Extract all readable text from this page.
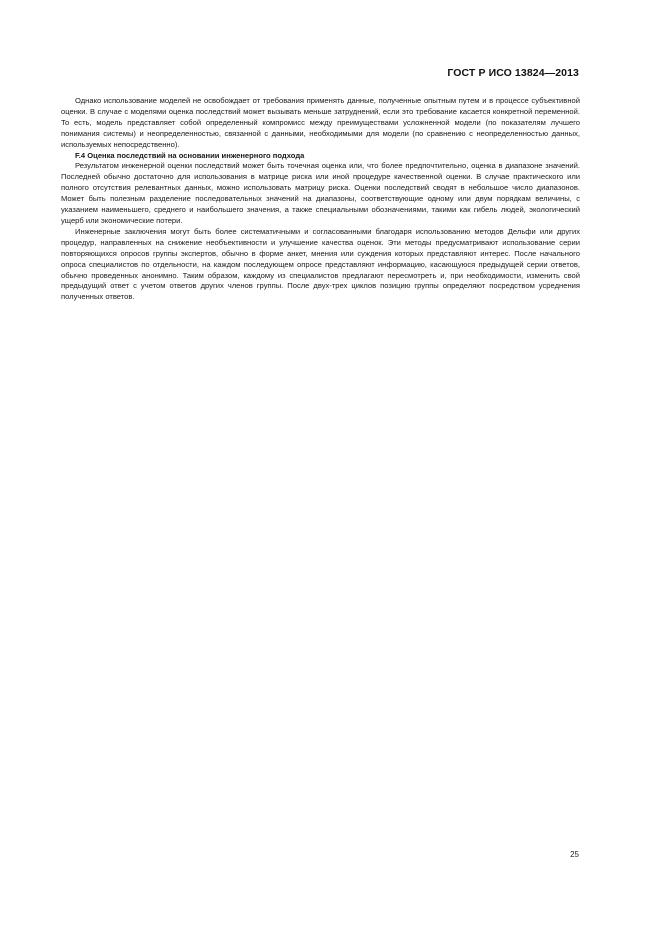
ГОСТ Р ИСО 13824—2013

Однако использование моделей не освобождает от требования применять данные, полученные опытным путем и в процессе субъективной оценки. В случае с моделями оценка последствий может вызывать меньше затруднений, если это требование касается конкретной переменной. То есть, модель представляет собой определенный компромисс между преимуществами усложненной модели (по показателям лучшего понимания системы) и неопределенностью, связанной с данными, необходимыми для модели (по сравнению с неопределенностью данных, используемых непосредственно).

F.4 Оценка последствий на основании инженерного подхода

Результатом инженерной оценки последствий может быть точечная оценка или, что более предпочтительно, оценка в диапазоне значений. Последней обычно достаточно для использования в матрице риска или иной процедуре качественной оценки. В случае практического или полного отсутствия релевантных данных, можно использовать матрицу риска. Оценки последствий сводят в небольшое число диапазонов. Может быть полезным разделение последовательных значений на диапазоны, соответствующие одному или двум порядкам величины, с указанием наименьшего, среднего и наибольшего значения, а также специальными обозначениями, такими как гибель людей, экологический ущерб или экономические потери.

Инженерные заключения могут быть более систематичными и согласованными благодаря использованию методов Дельфи или других процедур, направленных на снижение необъективности и улучшение качества оценок. Эти методы предусматривают использование серии повторяющихся опросов группы экспертов, обычно в форме анкет, мнения или суждения которых представляют интерес. После начального опроса специалистов по отдельности, на каждом последующем опросе представляют информацию, касающуюся предыдущей серии ответов, обычно проведенных анонимно. Таким образом, каждому из специалистов предлагают пересмотреть и, при необходимости, изменить свой предыдущий ответ с учетом ответов других членов группы. После двух-трех циклов позицию группы определяют посредством усреднения полученных ответов.

25
